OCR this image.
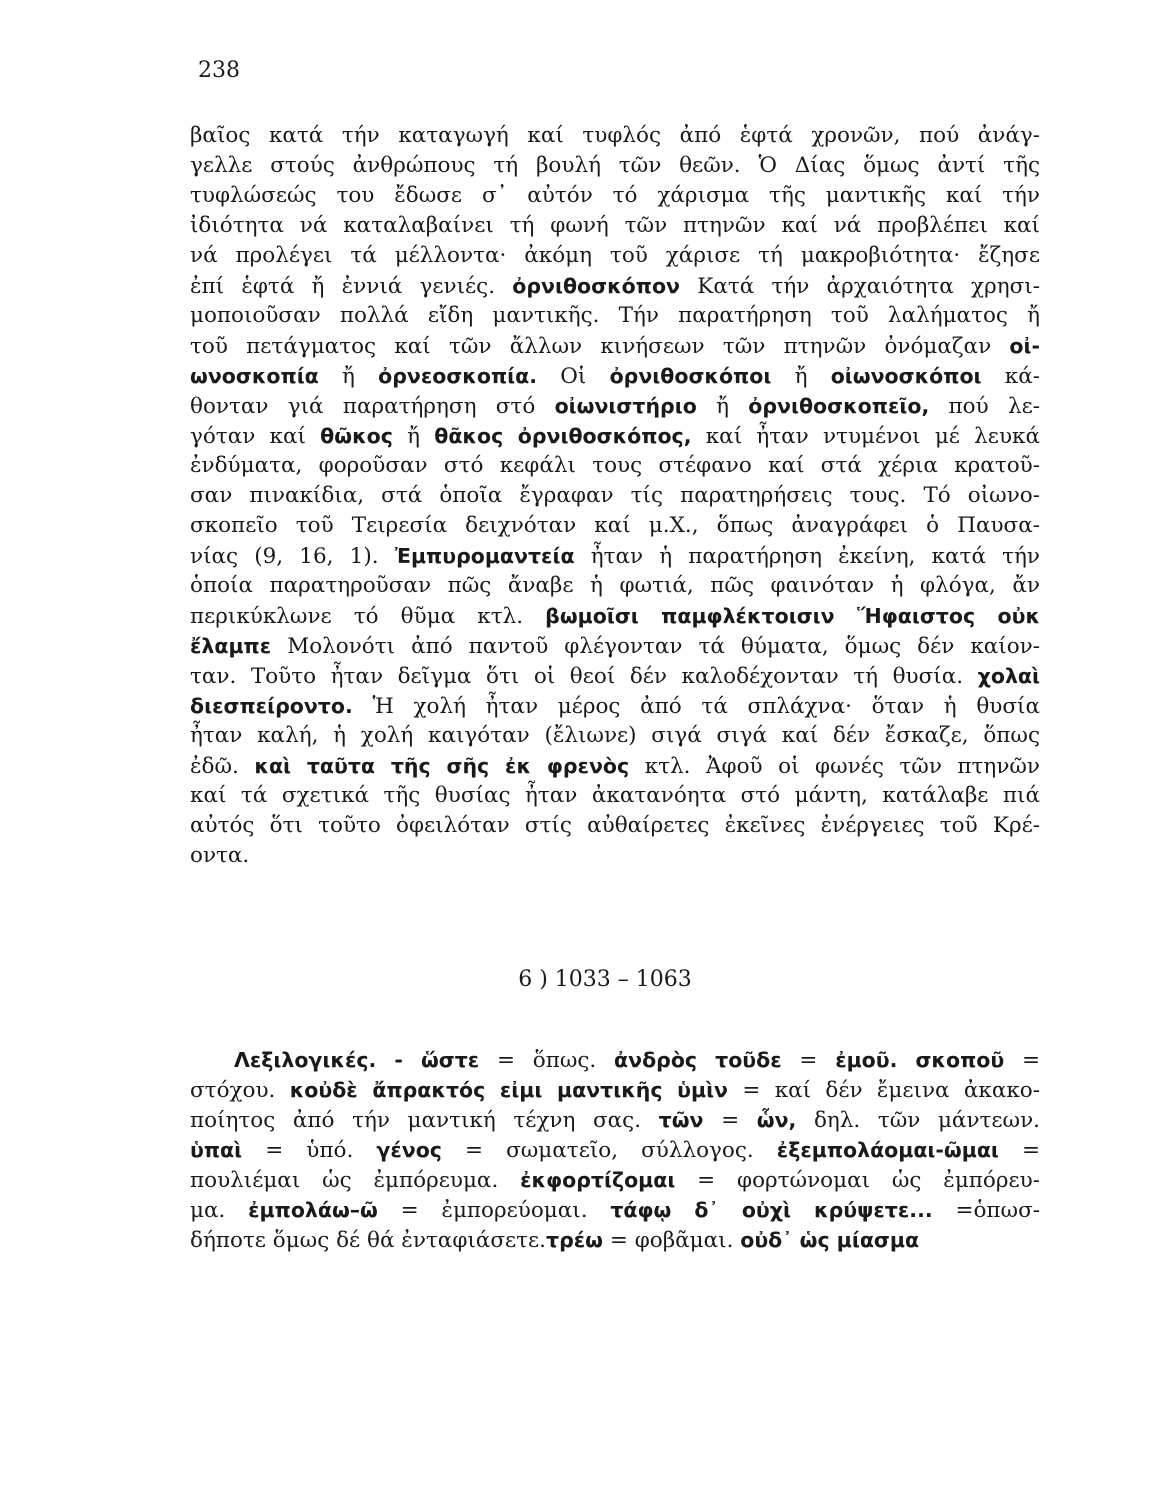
238
βαῖος κατά τήν καταγωγή καί τυφλός ἀπό ἑφτά χρονῶν, πού ἀνάγ-
γελλε στούς ἀνθρώπους τή βουλή τῶν θεῶν. Ὁ Δίας ὅμως ἀντί τῆς
τυφλώσεώς του ἔδωσε σ᾽ αὐτόν τό χάρισμα τῆς μαντικῆς καί τήν
ἰδιότητα νά καταλαβαίνει τή φωνή τῶν πτηνῶν καί νά προβλέπει καί
νά προλέγει τά μέλλοντα· ἀκόμη τοῦ χάρισε τή μακροβιότητα· ἔζησε
ἐπί ἑφτά ἤ ἐννιά γενιές. ὀρνιθοσκόπον Κατά τήν ἀρχαιότητα χρησι-
μοποιοῦσαν πολλά εἴδη μαντικῆς. Τήν παρατήρηση τοῦ λαλήματος ἤ
τοῦ πετάγματος καί τῶν ἄλλων κινήσεων τῶν πτηνῶν ὀνόμαζαν οἰ-
ωνοσκοπία ἤ ὀρνεοσκοπία. Οἱ ὀρνιθοσκόποι ἤ οἰωνοσκόποι κά-
θονταν γιά παρατήρηση στό οἰωνιστήριο ἤ ὀρνιθοσκοπεῖο, πού λε-
γόταν καί θῶκος ἤ θᾶκος ὀρνιθοσκόπος, καί ἦταν ντυμένοι μέ λευκά
ἐνδύματα, φοροῦσαν στό κεφάλι τους στέφανο καί στά χέρια κρατοῦ-
σαν πινακίδια, στά ὁποῖα ἔγραφαν τίς παρατηρήσεις τους. Τό οἰωνο-
σκοπεῖο τοῦ Τειρεσία δειχνόταν καί μ.Χ., ὅπως ἀναγράφει ὁ Παυσα-
νίας (9, 16, 1). Ἐμπυρομαντεία ἦταν ἡ παρατήρηση ἐκείνη, κατά τήν
ὁποία παρατηροῦσαν πῶς ἄναβε ἡ φωτιά, πῶς φαινόταν ἡ φλόγα, ἄν
περικύκλωνε τό θῦμα κτλ. βωμοῖσι παμφλέκτοισιν Ἥφαιστος οὐκ
ἔλαμπε Μολονότι ἀπό παντοῦ φλέγονταν τά θύματα, ὅμως δέν καίον-
ταν. Τοῦτο ἦταν δεῖγμα ὅτι οἱ θεοί δέν καλοδέχονταν τή θυσία. χολαὶ
διεσπείροντο. Ἡ χολή ἦταν μέρος ἀπό τά σπλάχνα· ὅταν ἡ θυσία
ἦταν καλή, ἡ χολή καιγόταν (ἔλιωνε) σιγά σιγά καί δέν ἔσκαζε, ὅπως
ἐδῶ. καὶ ταῦτα τῆς σῆς ἐκ φρενὸς κτλ. Ἀφοῦ οἱ φωνές τῶν πτηνῶν
καί τά σχετικά τῆς θυσίας ἦταν ἀκατανόητα στό μάντη, κατάλαβε πιά
αὐτός ὅτι τοῦτο ὀφειλόταν στίς αὐθαίρετες ἐκεῖνες ἐνέργειες τοῦ Κρέ-
οντα.
6 ) 1033 – 1063
Λεξιλογικές. - ὥστε = ὅπως. ἀνδρὸς τοῦδε = ἐμοῦ. σκοποῦ =
στόχου. κοὐδὲ ἄπρακτός εἰμι μαντικῆς ὑμὶν = καί δέν ἔμεινα ἀκακο-
ποίητος ἀπό τήν μαντική τέχνη σας. τῶν = ὧν, δηλ. τῶν μάντεων.
ὑπαὶ = ὑπό. γένος = σωματεῖο, σύλλογος. ἐξεμπολάομαι-ῶμαι =
πουλιέμαι ὡς ἐμπόρευμα. ἐκφορτίζομαι = φορτώνομαι ὡς ἐμπόρευ-
μα. ἐμπολάω–ῶ = ἐμπορεύομαι. τάφῳ δ᾽ οὐχὶ κρύψετε... =ὁπωσ-
δήποτε ὅμως δέ θά ἐνταφιάσετε.τρέω = φοβᾶμαι. οὐδ᾽ ὡς μίασμα
